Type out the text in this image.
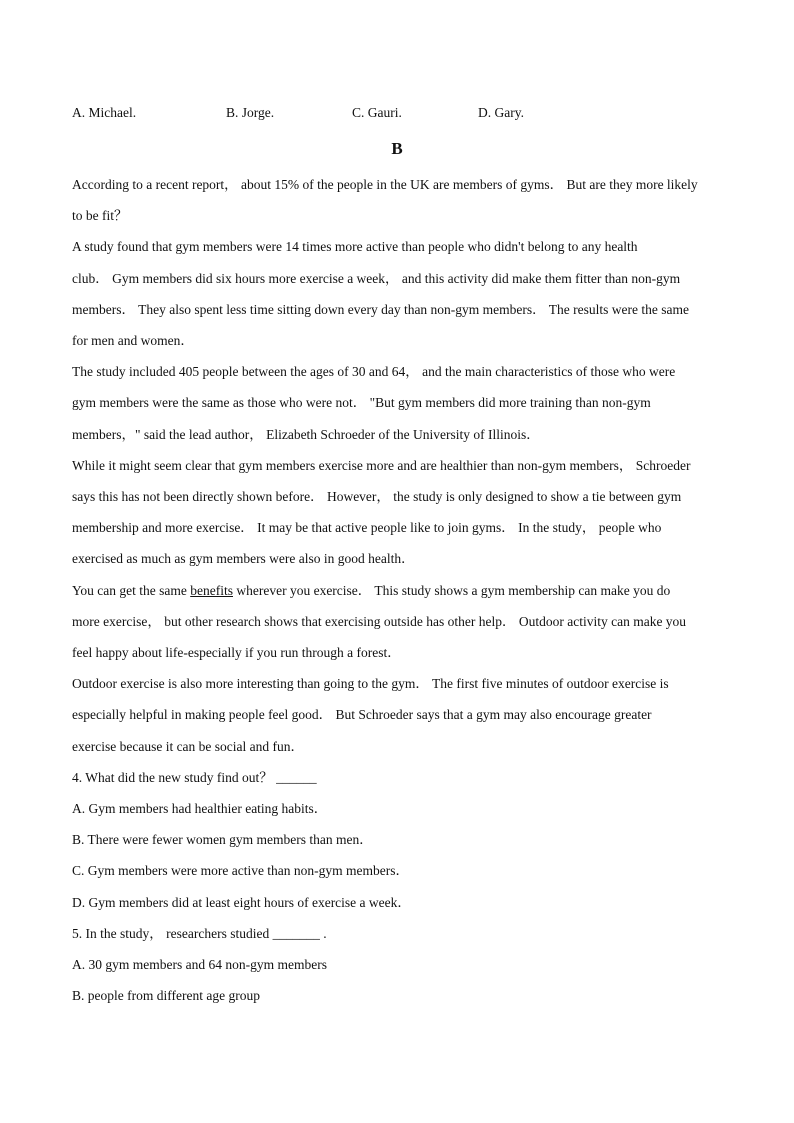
A. Michael.	B. Jorge.	C. Gauri.	D. Gary.
B

According to a recent report， about 15% of the people in the UK are members of gyms． But are they more likely
to be fit？

A study found that gym members were 14 times more active than people who didn't belong to any health
club． Gym members did six hours more exercise a week， and this activity did make them fitter than non-gym
members． They also spent less time sitting down every day than non-gym members． The results were the same
for men and women．

The study included 405 people between the ages of 30 and 64， and the main characteristics of those who were
gym members were the same as those who were not． "But gym members did more training than non-gym
members，" said the lead author， Elizabeth Schroeder of the University of Illinois．

While it might seem clear that gym members exercise more and are healthier than non-gym members， Schroeder
says this has not been directly shown before． However， the study is only designed to show a tie between gym
membership and more exercise． It may be that active people like to join gyms． In the study， people who
exercised as much as gym members were also in good health．

You can get the same benefits wherever you exercise． This study shows a gym membership can make you do
more exercise， but other research shows that exercising outside has other help． Outdoor activity can make you
feel happy about life-especially if you run through a forest．

Outdoor exercise is also more interesting than going to the gym． The first five minutes of outdoor exercise is
especially helpful in making people feel good． But Schroeder says that a gym may also encourage greater
exercise because it can be social and fun．

4. What did the new study find out？ ______
A. Gym members had healthier eating habits．
B. There were fewer women gym members than men．
C. Gym members were more active than non-gym members．
D. Gym members did at least eight hours of exercise a week．

5. In the study， researchers studied _______ .
A. 30 gym members and 64 non-gym members
B. people from different age group
